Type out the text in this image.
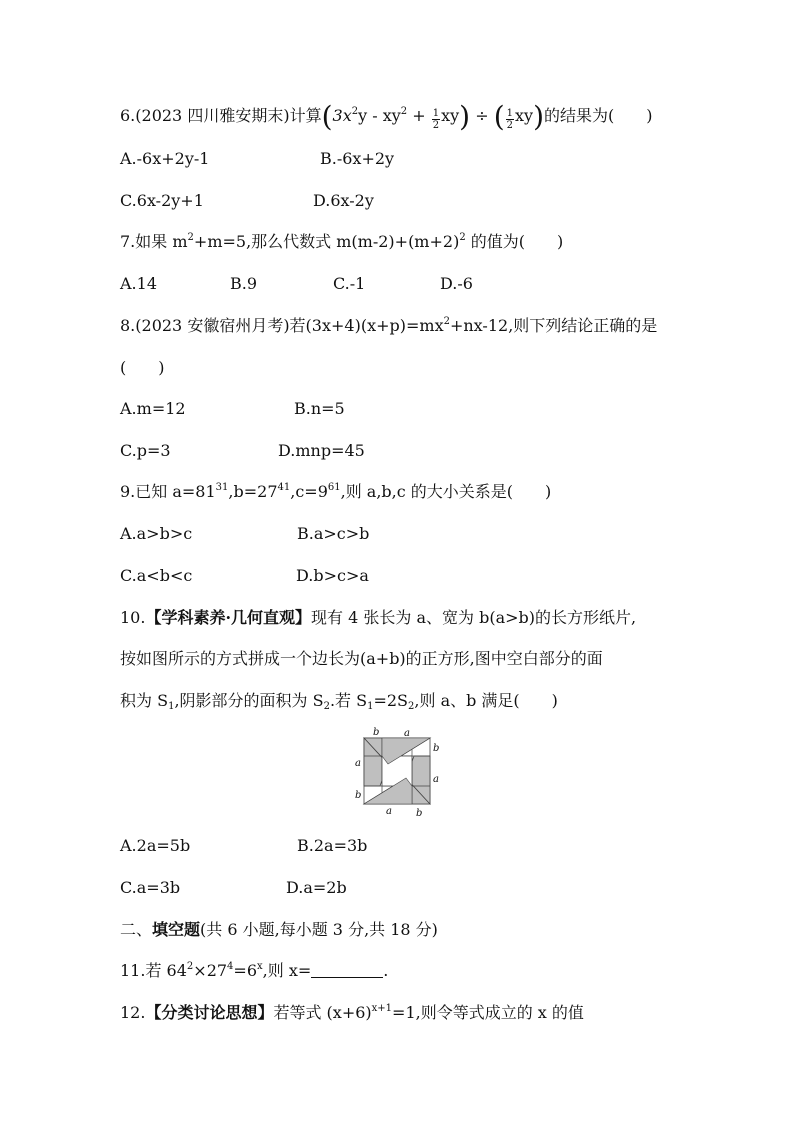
6.(2023 四川雅安期末)计算$(3x^2y - xy^2 + \frac{1}{2} xy)$ ÷ ( $\frac{1}{2} xy$)的结果为(　　)
A.-6x+2y-1	B.-6x+2y
C.6x-2y+1	D.6x-2y
7.如果 $m^2+m=5$,那么代数式 $m(m-2)+(m+2)^2$ 的值为(　　)
A.14	B.9	C.-1	D.-6
8.(2023 安徽宿州月考)若$(3x+4)(x+p)=mx^2+nx-12$,则下列结论正确的是
(　　)
A.m=12	B.n=5
C.p=3	D.mnp=45
9.已知 $a=81^{31},b=27^{41},c=9^{61}$,则 a,b,c 的大小关系是(　　)
A.a>b>c	B.a>c>b
C.a<b<c	D.b>c>a
10.【学科素养·几何直观】现有 4 张长为 a、宽为 b(a>b)的长方形纸片,
按如图所示的方式拼成一个边长为(a+b)的正方形,图中空白部分的面
积为 $S_1$,阴影部分的面积为 $S_2$.若 $S_1=2S_2$,则 a、b 满足(　　)
b a
b
a
a
b
a b
A.2a=5b	B.2a=3b
C.a=3b	D.a=2b
二、填空题(共 6 小题,每小题 3 分,共 18 分)
11.若 $64^2\times 27^4=6^x$,则 x=	.
12.【分类讨论思想】若等式 $(x+6)^{x+1}=1$,则令等式成立的 x 的值
